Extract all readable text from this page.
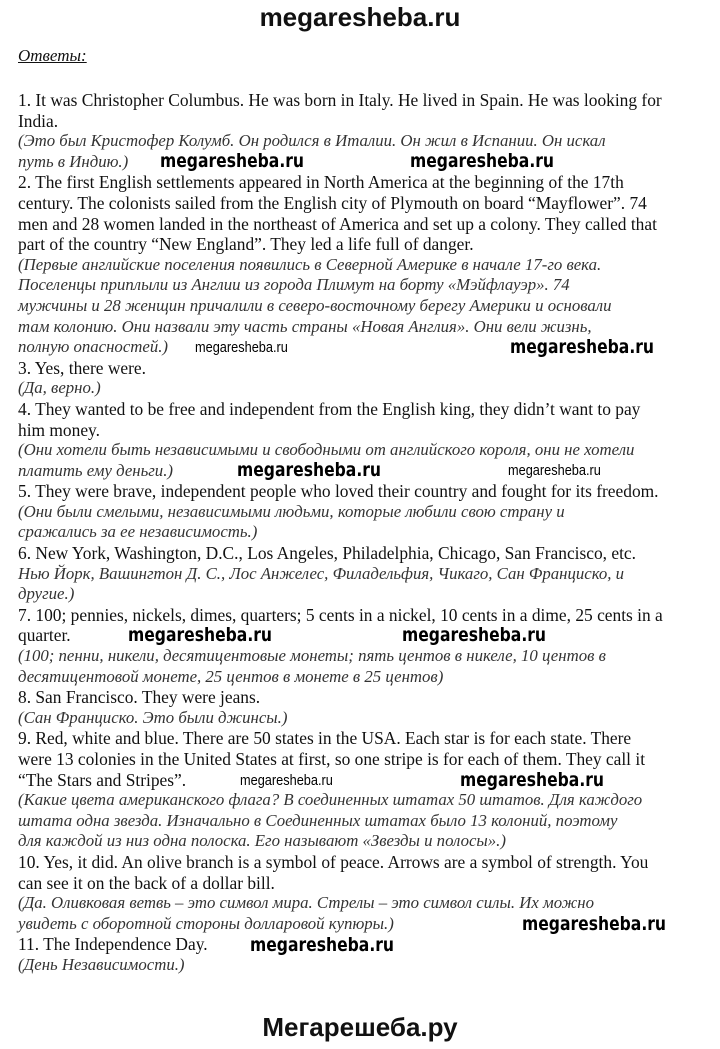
megaresheba.ru
Ответы:
1. It was Christopher Columbus. He was born in Italy. He lived in Spain. He was looking for
India.
(Это был Кристофер Колумб. Он родился в Италии. Он жил в Испании. Он искал
путь в Индию.)
2. The first English settlements appeared in North America at the beginning of the 17th
century. The colonists sailed from the English city of Plymouth on board “Mayflower”. 74
men and 28 women landed in the northeast of America and set up a colony. They called that
part of the country “New England”. They led a life full of danger.
(Первые английские поселения появились в Северной Америке в начале 17-го века.
Поселенцы приплыли из Англии из города Плимут на борту «Мэйфлауэр». 74
мужчины и 28 женщин причалили в северо-восточному берегу Америки и основали
там колонию. Они назвали эту часть страны «Новая Англия». Они вели жизнь,
полную опасностей.)
3. Yes, there were.
(Да, верно.)
4. They wanted to be free and independent from the English king, they didn’t want to pay
him money.
(Они хотели быть независимыми и свободными от английского короля, они не хотели
платить ему деньги.)
5. They were brave, independent people who loved their country and fought for its freedom.
(Они были смелыми, независимыми людьми, которые любили свою страну и
сражались за ее независимость.)
6. New York, Washington, D.C., Los Angeles, Philadelphia, Chicago, San Francisco, etc.
Нью Йорк, Вашингтон Д. С., Лос Анжелес, Филадельфия, Чикаго, Сан Франциско, и
другие.)
7. 100; pennies, nickels, dimes, quarters; 5 cents in a nickel, 10 cents in a dime, 25 cents in a
quarter.
(100; пенни, никели, десятицентовые монеты; пять центов в никеле, 10 центов в
десятицентовой монете, 25 центов в монете в 25 центов)
8. San Francisco. They were jeans.
(Сан Франциско. Это были джинсы.)
9. Red, white and blue. There are 50 states in the USA. Each star is for each state. There
were 13 colonies in the United States at first, so one stripe is for each of them. They call it
“The Stars and Stripes”.
(Какие цвета американского флага? В соединенных штатах 50 штатов. Для каждого
штата одна звезда. Изначально в Соединенных штатах было 13 колоний, поэтому
для каждой из низ одна полоска. Его называют «Звезды и полосы».)
10. Yes, it did. An olive branch is a symbol of peace. Arrows are a symbol of strength. You
can see it on the back of a dollar bill.
(Да. Оливковая ветвь – это символ мира. Стрелы – это символ силы. Их можно
увидеть с оборотной стороны долларовой купюры.)
11. The Independence Day.
(День Независимости.)
megaresheba.ru	megaresheba.ru
megaresheba.ru	megaresheba.ru
megaresheba.ru	megaresheba.ru
megaresheba.ru	megaresheba.ru
megaresheba.ru	megaresheba.ru
megaresheba.ru
megaresheba.ru
Мегарешеба.ру
